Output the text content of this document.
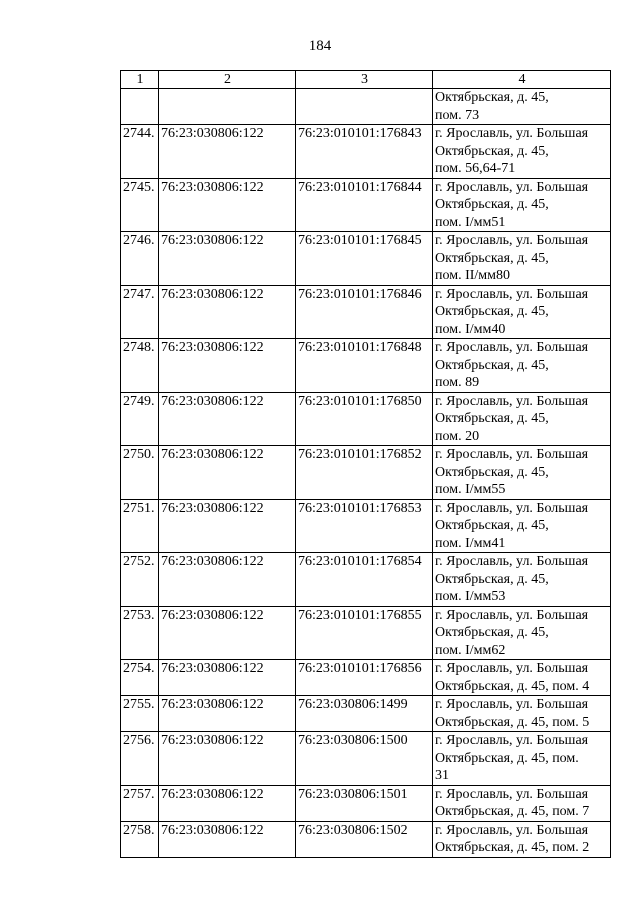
184
1	2	3	4

			Октябрьская, д. 45,
пом. 73

2744.	76:23:030806:122	76:23:010101:176843	г. Ярославль, ул. Большая
Октябрьская, д. 45,
пом. 56,64-71

2745.	76:23:030806:122	76:23:010101:176844	г. Ярославль, ул. Большая
Октябрьская, д. 45,
пом. I/мм51

2746.	76:23:030806:122	76:23:010101:176845	г. Ярославль, ул. Большая
Октябрьская, д. 45,
пом. II/мм80

2747.	76:23:030806:122	76:23:010101:176846	г. Ярославль, ул. Большая
Октябрьская, д. 45,
пом. I/мм40

2748.	76:23:030806:122	76:23:010101:176848	г. Ярославль, ул. Большая
Октябрьская, д. 45,
пом. 89

2749.	76:23:030806:122	76:23:010101:176850	г. Ярославль, ул. Большая
Октябрьская, д. 45,
пом. 20

2750.	76:23:030806:122	76:23:010101:176852	г. Ярославль, ул. Большая
Октябрьская, д. 45,
пом. I/мм55

2751.	76:23:030806:122	76:23:010101:176853	г. Ярославль, ул. Большая
Октябрьская, д. 45,
пом. I/мм41

2752.	76:23:030806:122	76:23:010101:176854	г. Ярославль, ул. Большая
Октябрьская, д. 45,
пом. I/мм53

2753.	76:23:030806:122	76:23:010101:176855	г. Ярославль, ул. Большая
Октябрьская, д. 45,
пом. I/мм62

2754.	76:23:030806:122	76:23:010101:176856	г. Ярославль, ул. Большая
Октябрьская, д. 45, пом. 4

2755.	76:23:030806:122	76:23:030806:1499	г. Ярославль, ул. Большая
Октябрьская, д. 45, пом. 5

2756.	76:23:030806:122	76:23:030806:1500	г. Ярославль, ул. Большая
Октябрьская, д. 45, пом.
31

2757.	76:23:030806:122	76:23:030806:1501	г. Ярославль, ул. Большая
Октябрьская, д. 45, пом. 7

2758.	76:23:030806:122	76:23:030806:1502	г. Ярославль, ул. Большая
Октябрьская, д. 45, пом. 2
